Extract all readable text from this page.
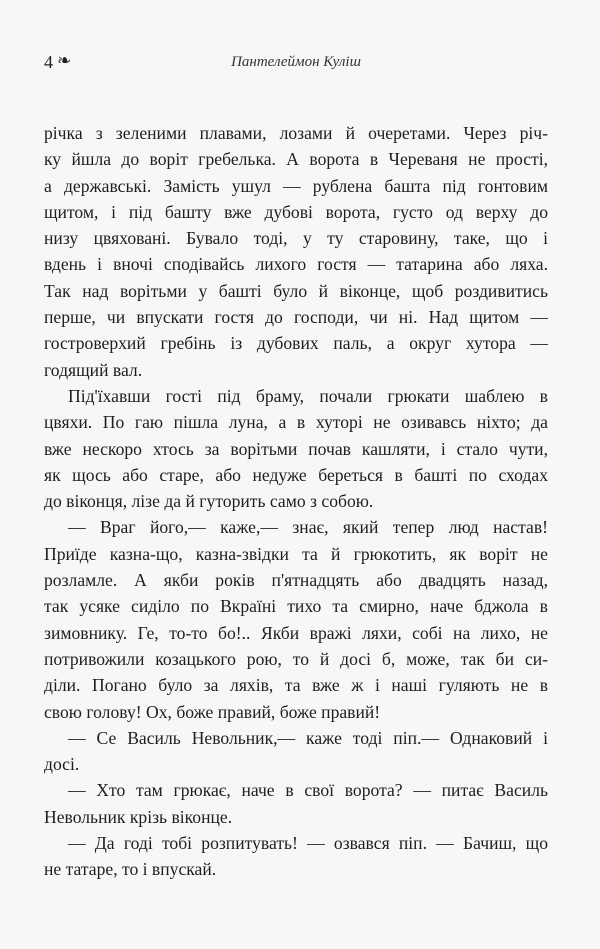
4 ❧	Пантелеймон Куліш
річка з зеленими плавами, лозами й очеретами. Через річ-
ку йшла до воріт гребелька. А ворота в Череваня не прості,
а державські. Замість ушул — рублена башта під гонтовим
щитом, і під башту вже дубові ворота, густо од верху до
низу цвяховані. Бувало тоді, у ту старовину, таке, що і
вдень і вночі сподівайсь лихого гостя — татарина або ляха.
Так над ворітьми у башті було й віконце, щоб роздивитись
перше, чи впускати гостя до господи, чи ні. Над щитом —
гостроверхий гребінь із дубових паль, а округ хутора —
годящий вал.
Під'їхавши гості під браму, почали грюкати шаблею в
цвяхи. По гаю пішла луна, а в хуторі не озивавсь ніхто; да
вже нескоро хтось за ворітьми почав кашляти, і стало чути,
як щось або старе, або недуже береться в башті по сходах
до віконця, лізе да й гуторить само з собою.
— Враг його,— каже,— знає, який тепер люд настав!
Приїде казна-що, казна-звідки та й грюкотить, як воріт не
розламле. А якби років п'ятнадцять або двадцять назад,
так усяке сиділо по Вкраїні тихо та смирно, наче бджола в
зимовнику. Ге, то-то бо!.. Якби вражі ляхи, собі на лихо, не
потривожили козацького рою, то й досі б, може, так би си-
діли. Погано було за ляхів, та вже ж і наші гуляють не в
свою голову! Ох, боже правий, боже правий!
— Се Василь Невольник,— каже тоді піп.— Однаковий і
досі.
— Хто там грюкає, наче в свої ворота? — питає Василь
Невольник крізь віконце.
— Да годі тобі розпитувать! — озвався піп. — Бачиш, що
не татаре, то і впускай.
